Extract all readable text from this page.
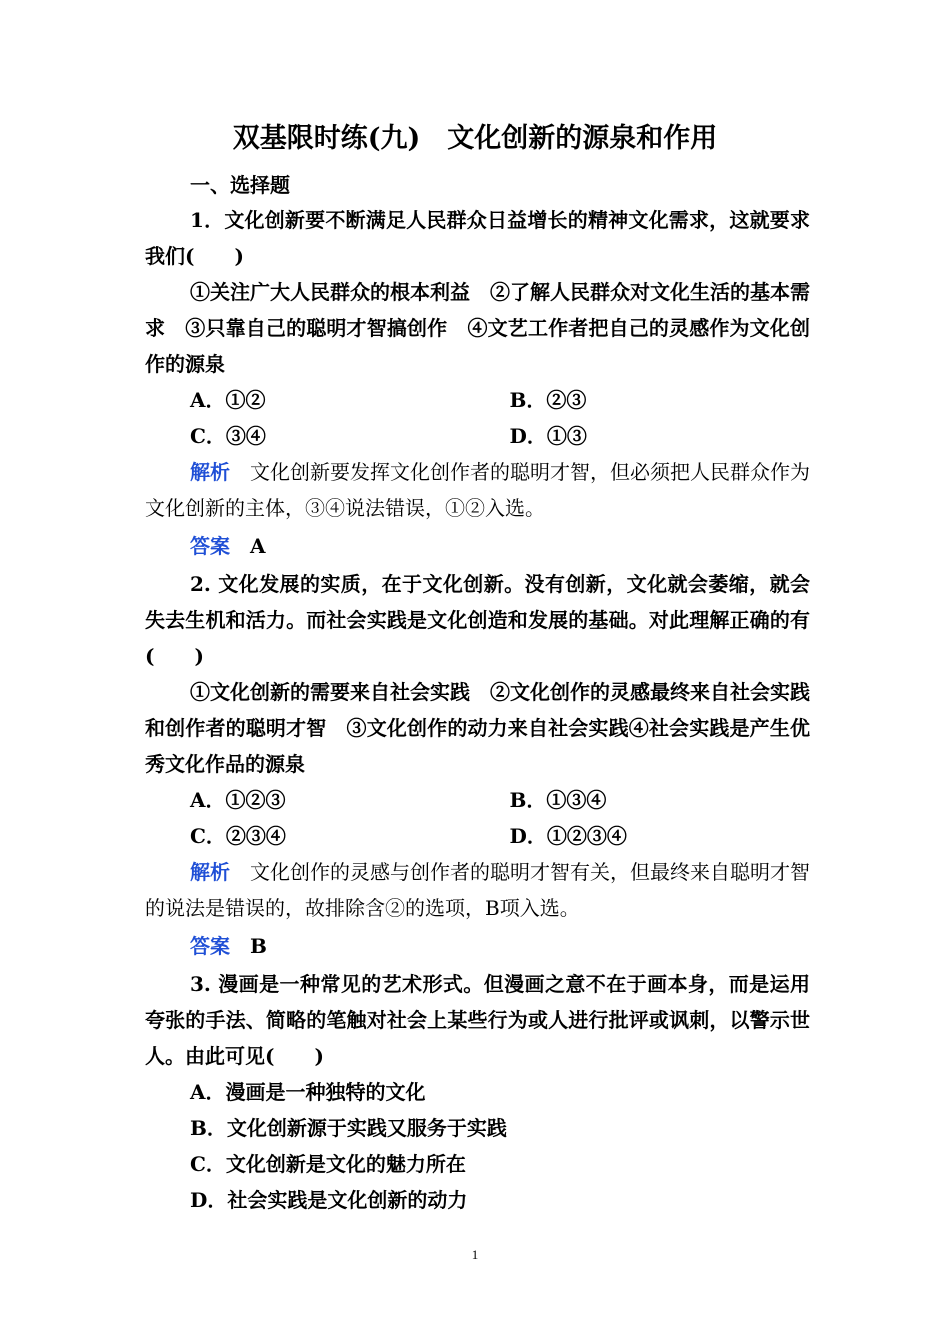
双基限时练(九)　文化创新的源泉和作用
一、选择题

1．文化创新要不断满足人民群众日益增长的精神文化需求，这就要求我们(　　)

①关注广大人民群众的根本利益　②了解人民群众对文化生活的基本需求　③只靠自己的聪明才智搞创作　④文艺工作者把自己的灵感作为文化创作的源泉

A．①②	B．②③
C．③④	D．①③

解析　 文化创新要发挥文化创作者的聪明才智，但必须把人民群众作为文化创新的主体，③④说法错误，①②入选。

答案　 A

2. 文化发展的实质，在于文化创新。没有创新，文化就会萎缩，就会失去生机和活力。而社会实践是文化创造和发展的基础。对此理解正确的有(　　)

①文化创新的需要来自社会实践　②文化创作的灵感最终来自社会实践和创作者的聪明才智　③文化创作的动力来自社会实践④社会实践是产生优秀文化作品的源泉

A．①②③	B．①③④
C．②③④	D．①②③④

解析　 文化创作的灵感与创作者的聪明才智有关，但最终来自聪明才智的说法是错误的，故排除含②的选项，B项入选。

答案　 B

3. 漫画是一种常见的艺术形式。但漫画之意不在于画本身，而是运用夸张的手法、简略的笔触对社会上某些行为或人进行批评或讽刺，以警示世人。由此可见(　　)

A．漫画是一种独特的文化
B．文化创新源于实践又服务于实践
C．文化创新是文化的魅力所在
D．社会实践是文化创新的动力
1
